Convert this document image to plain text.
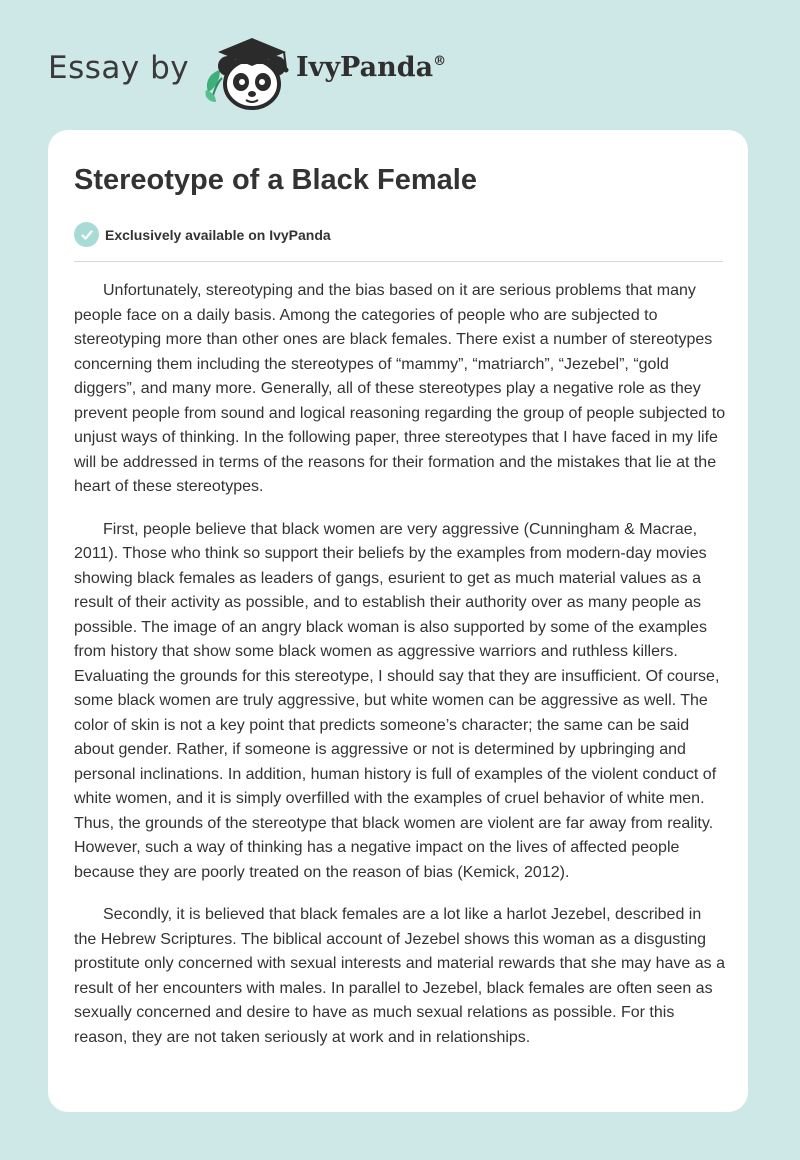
Essay by	IvyPanda®
Stereotype of a Black Female
Exclusively available on IvyPanda

Unfortunately, stereotyping and the bias based on it are serious problems that many people face on a daily basis. Among the categories of people who are subjected to stereotyping more than other ones are black females. There exist a number of stereotypes concerning them including the stereotypes of “mammy”, “matriarch”, “Jezebel”, “gold diggers”, and many more. Generally, all of these stereotypes play a negative role as they prevent people from sound and logical reasoning regarding the group of people subjected to unjust ways of thinking. In the following paper, three stereotypes that I have faced in my life will be addressed in terms of the reasons for their formation and the mistakes that lie at the heart of these stereotypes.

First, people believe that black women are very aggressive (Cunningham & Macrae, 2011). Those who think so support their beliefs by the examples from modern-day movies showing black females as leaders of gangs, esurient to get as much material values as a result of their activity as possible, and to establish their authority over as many people as possible. The image of an angry black woman is also supported by some of the examples from history that show some black women as aggressive warriors and ruthless killers. Evaluating the grounds for this stereotype, I should say that they are insufficient. Of course, some black women are truly aggressive, but white women can be aggressive as well. The color of skin is not a key point that predicts someone’s character; the same can be said about gender. Rather, if someone is aggressive or not is determined by upbringing and personal inclinations. In addition, human history is full of examples of the violent conduct of white women, and it is simply overfilled with the examples of cruel behavior of white men. Thus, the grounds of the stereotype that black women are violent are far away from reality. However, such a way of thinking has a negative impact on the lives of affected people because they are poorly treated on the reason of bias (Kemick, 2012).

Secondly, it is believed that black females are a lot like a harlot Jezebel, described in the Hebrew Scriptures. The biblical account of Jezebel shows this woman as a disgusting prostitute only concerned with sexual interests and material rewards that she may have as a result of her encounters with males. In parallel to Jezebel, black females are often seen as sexually concerned and desire to have as much sexual relations as possible. For this reason, they are not taken seriously at work and in relationships.
